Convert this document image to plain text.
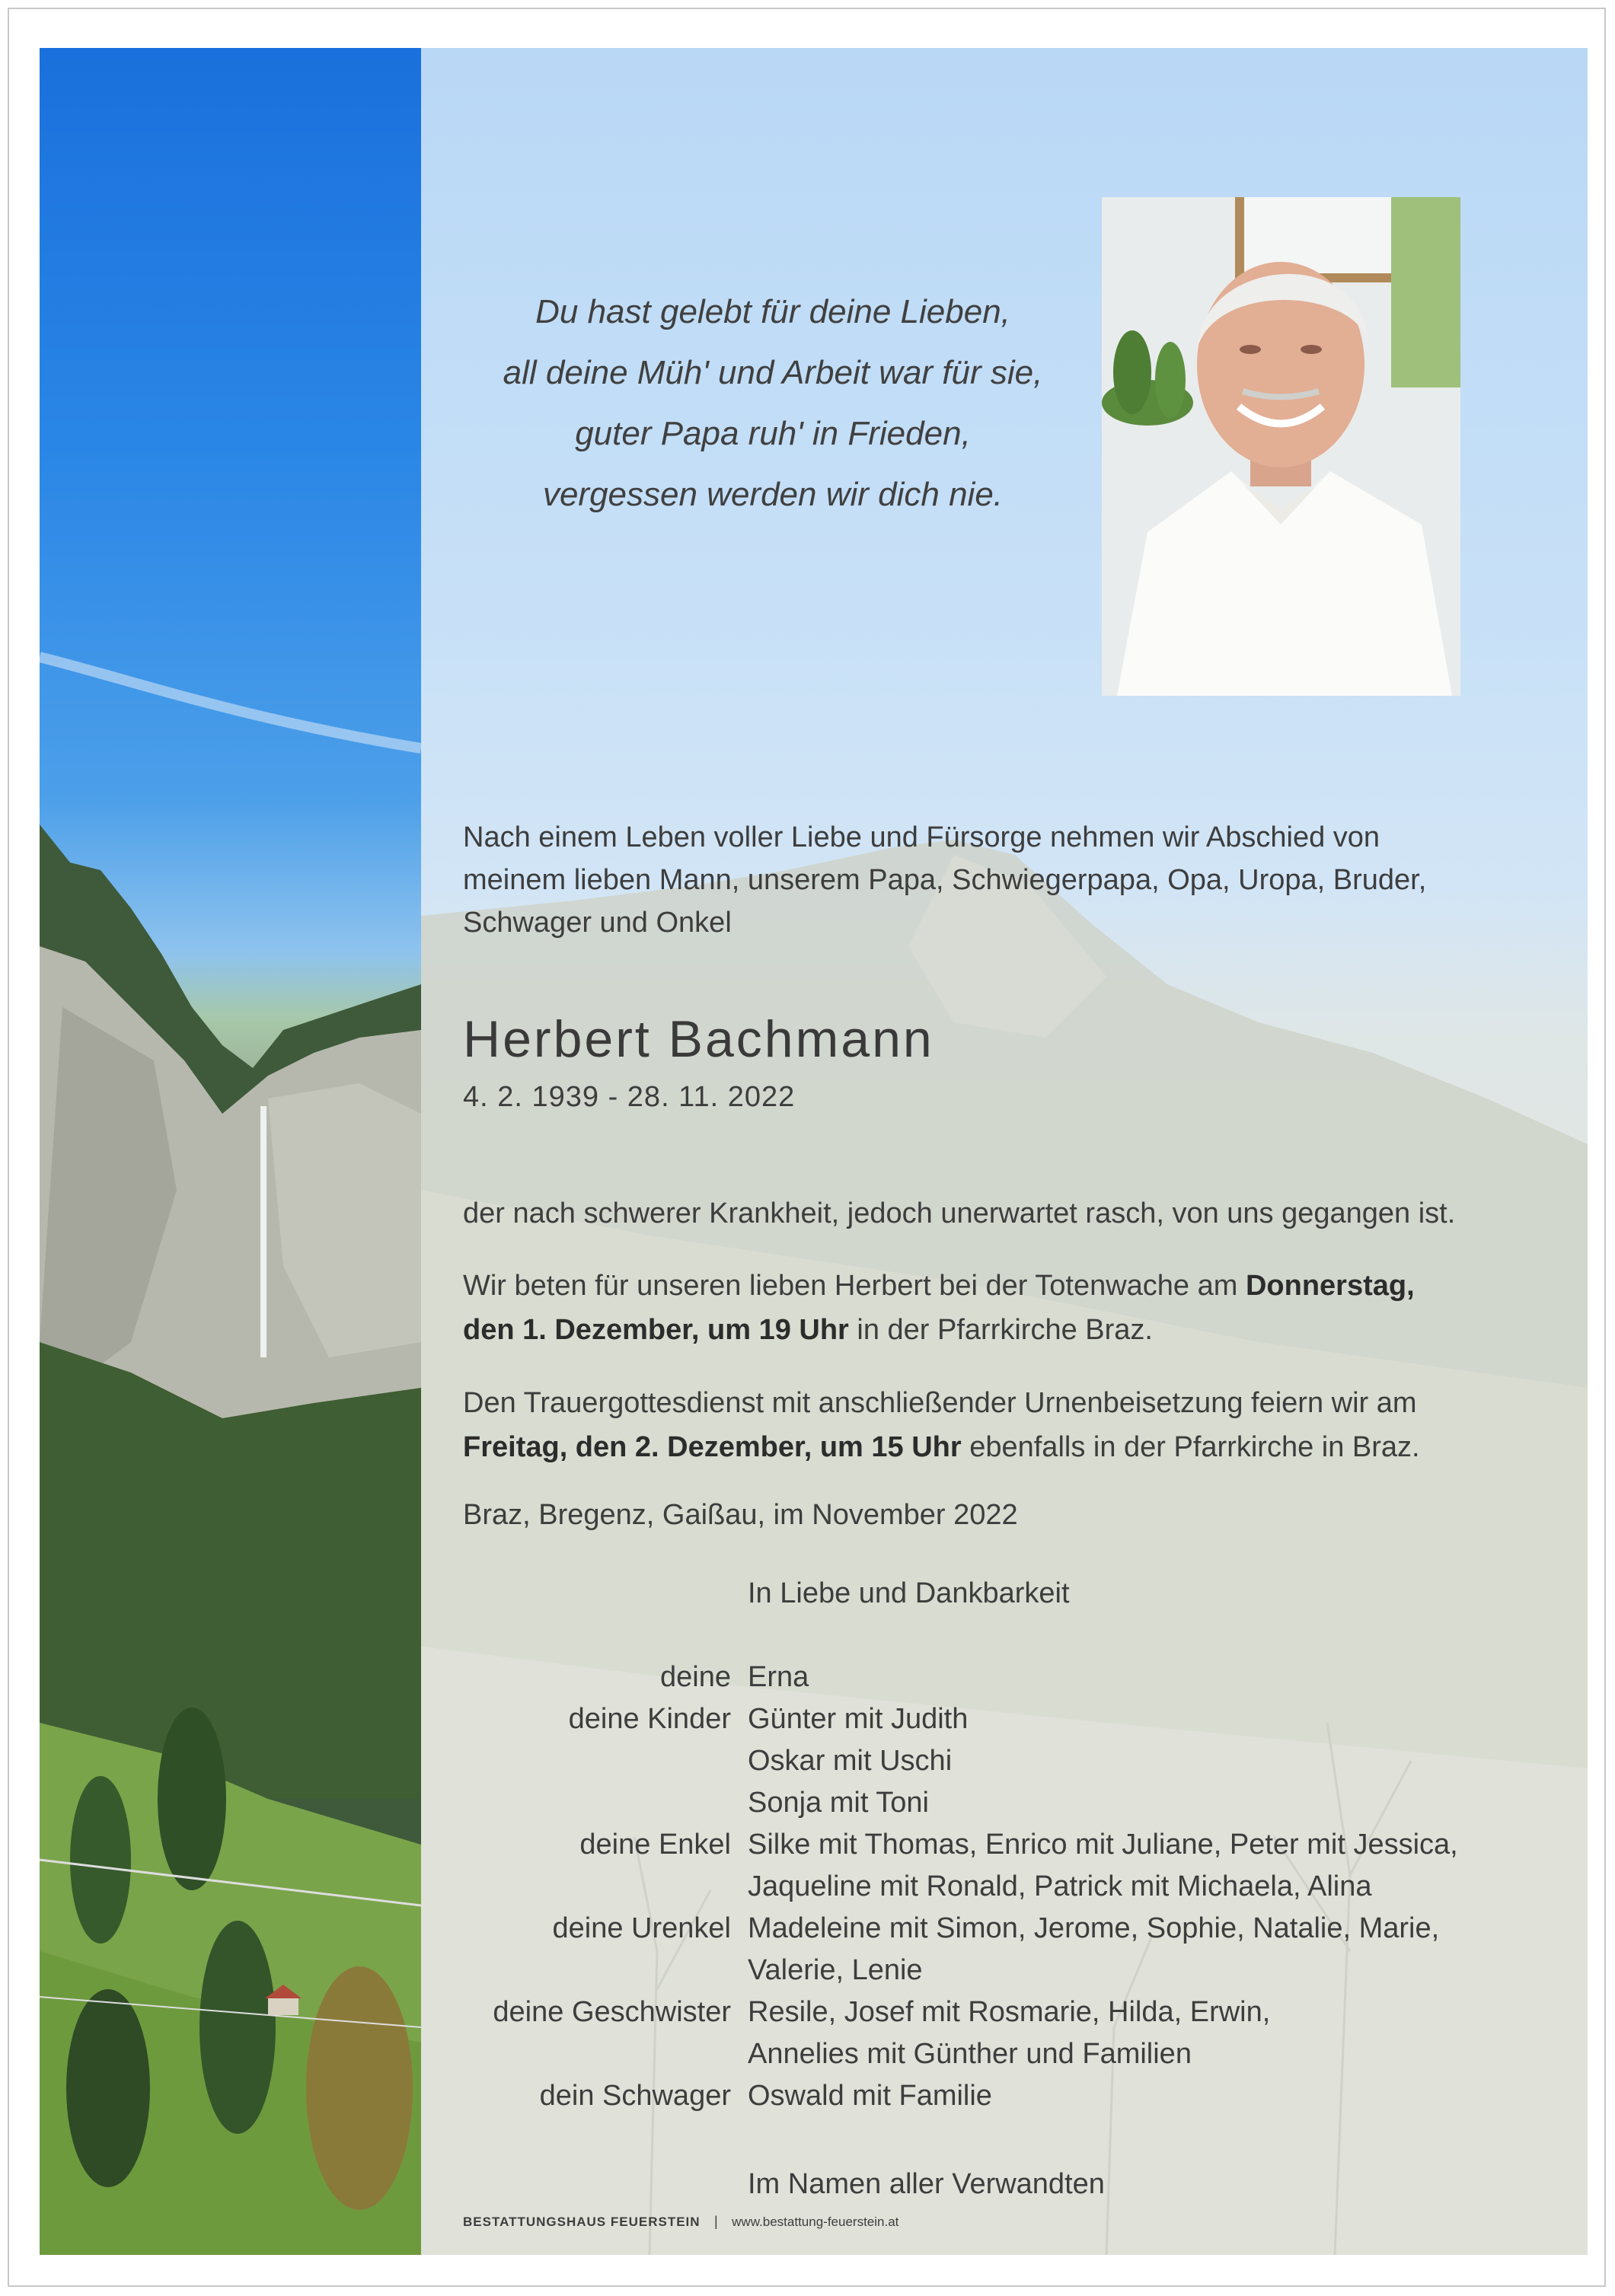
Du hast gelebt für deine Lieben,
all deine Müh' und Arbeit war für sie,
guter Papa ruh' in Frieden,
vergessen werden wir dich nie.
Nach einem Leben voller Liebe und Fürsorge nehmen wir Abschied von
meinem lieben Mann, unserem Papa, Schwiegerpapa, Opa, Uropa, Bruder,
Schwager und Onkel
Herbert Bachmann
4. 2. 1939 - 28. 11. 2022
der nach schwerer Krankheit, jedoch unerwartet rasch, von uns gegangen ist.
Wir beten für unseren lieben Herbert bei der Totenwache am Donnerstag,
den 1. Dezember, um 19 Uhr in der Pfarrkirche Braz.
Den Trauergottesdienst mit anschließender Urnenbeisetzung feiern wir am
Freitag, den 2. Dezember, um 15 Uhr ebenfalls in der Pfarrkirche in Braz.
Braz, Bregenz, Gaißau, im November 2022
In Liebe und Dankbarkeit
deine Erna
deine Kinder Günter mit Judith
Oskar mit Uschi
Sonja mit Toni
deine Enkel Silke mit Thomas, Enrico mit Juliane, Peter mit Jessica,
Jaqueline mit Ronald, Patrick mit Michaela, Alina
deine Urenkel Madeleine mit Simon, Jerome, Sophie, Natalie, Marie,
Valerie, Lenie
deine Geschwister Resile, Josef mit Rosmarie, Hilda, Erwin,
Annelies mit Günther und Familien
dein Schwager Oswald mit Familie
Im Namen aller Verwandten
BESTATTUNGSHAUS FEUERSTEIN | www.bestattung-feuerstein.at
